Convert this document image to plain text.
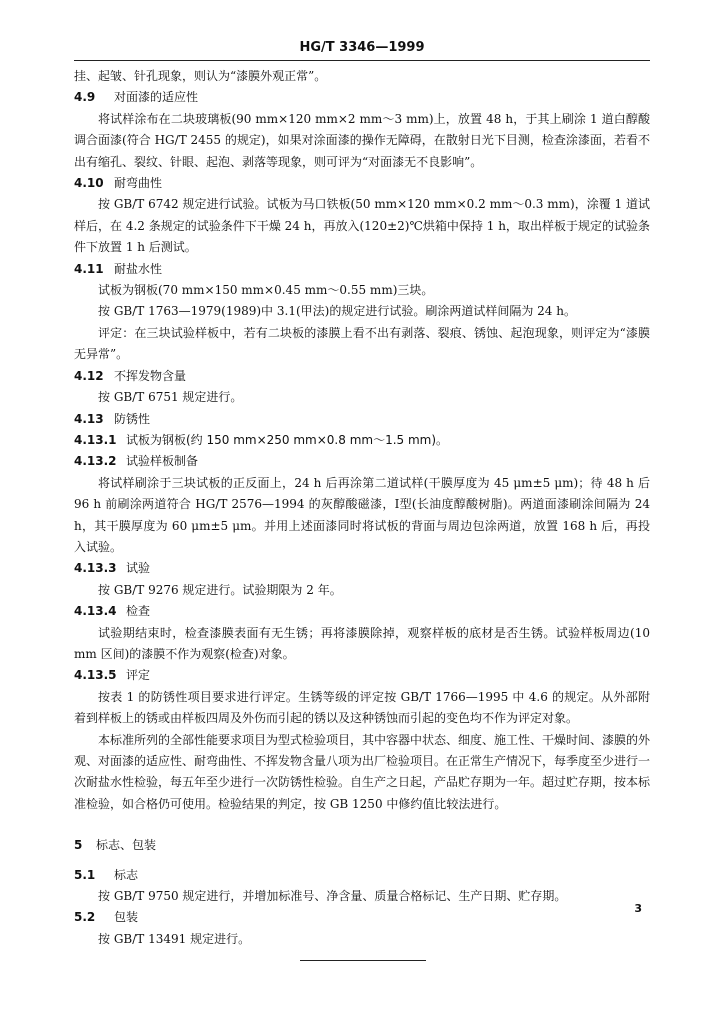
HG/T 3346—1999

挂、起皱、针孔现象，则认为“漆膜外观正常”。

4.9 对面漆的适应性

将试样涂布在二块玻璃板(90 mm×120 mm×2 mm～3 mm)上，放置 48 h，于其上刷涂 1 道白醇酸调合面漆(符合 HG/T 2455 的规定)，如果对涂面漆的操作无障碍，在散射日光下目测，检查涂漆面，若看不出有缩孔、裂纹、针眼、起泡、剥落等现象，则可评为“对面漆无不良影响”。

4.10 耐弯曲性

按 GB/T 6742 规定进行试验。试板为马口铁板(50 mm×120 mm×0.2 mm～0.3 mm)，涂覆 1 道试样后，在 4.2 条规定的试验条件下干燥 24 h，再放入(120±2)℃烘箱中保持 1 h，取出样板于规定的试验条件下放置 1 h 后测试。

4.11 耐盐水性

试板为钢板(70 mm×150 mm×0.45 mm～0.55 mm)三块。

按 GB/T 1763—1979(1989)中 3.1(甲法)的规定进行试验。刷涂两道试样间隔为 24 h。

评定：在三块试验样板中，若有二块板的漆膜上看不出有剥落、裂痕、锈蚀、起泡现象，则评定为“漆膜无异常”。

4.12 不挥发物含量

按 GB/T 6751 规定进行。

4.13 防锈性
4.13.1 试板为钢板(约 150 mm×250 mm×0.8 mm～1.5 mm)。
4.13.2 试验样板制备

将试样刷涂于三块试板的正反面上，24 h 后再涂第二道试样(干膜厚度为 45 μm±5 μm)；待 48 h 后 96 h 前刷涂两道符合 HG/T 2576—1994 的灰醇酸磁漆，Ⅰ型(长油度醇酸树脂)。两道面漆刷涂间隔为 24 h，其干膜厚度为 60 μm±5 μm。并用上述面漆同时将试板的背面与周边包涂两道，放置 168 h 后，再投入试验。

4.13.3 试验

按 GB/T 9276 规定进行。试验期限为 2 年。

4.13.4 检查

试验期结束时，检查漆膜表面有无生锈；再将漆膜除掉，观察样板的底材是否生锈。试验样板周边(10 mm 区间)的漆膜不作为观察(检查)对象。

4.13.5 评定

按表 1 的防锈性项目要求进行评定。生锈等级的评定按 GB/T 1766—1995 中 4.6 的规定。从外部附着到样板上的锈或由样板四周及外伤而引起的锈以及这种锈蚀而引起的变色均不作为评定对象。

本标准所列的全部性能要求项目为型式检验项目，其中容器中状态、细度、施工性、干燥时间、漆膜的外观、对面漆的适应性、耐弯曲性、不挥发物含量八项为出厂检验项目。在正常生产情况下，每季度至少进行一次耐盐水性检验，每五年至少进行一次防锈性检验。自生产之日起，产品贮存期为一年。超过贮存期，按本标准检验，如合格仍可使用。检验结果的判定，按 GB 1250 中修约值比较法进行。

5 标志、包装
5.1 标志

按 GB/T 9750 规定进行，并增加标准号、净含量、质量合格标记、生产日期、贮存期。

5.2 包装

按 GB/T 13491 规定进行。

3
